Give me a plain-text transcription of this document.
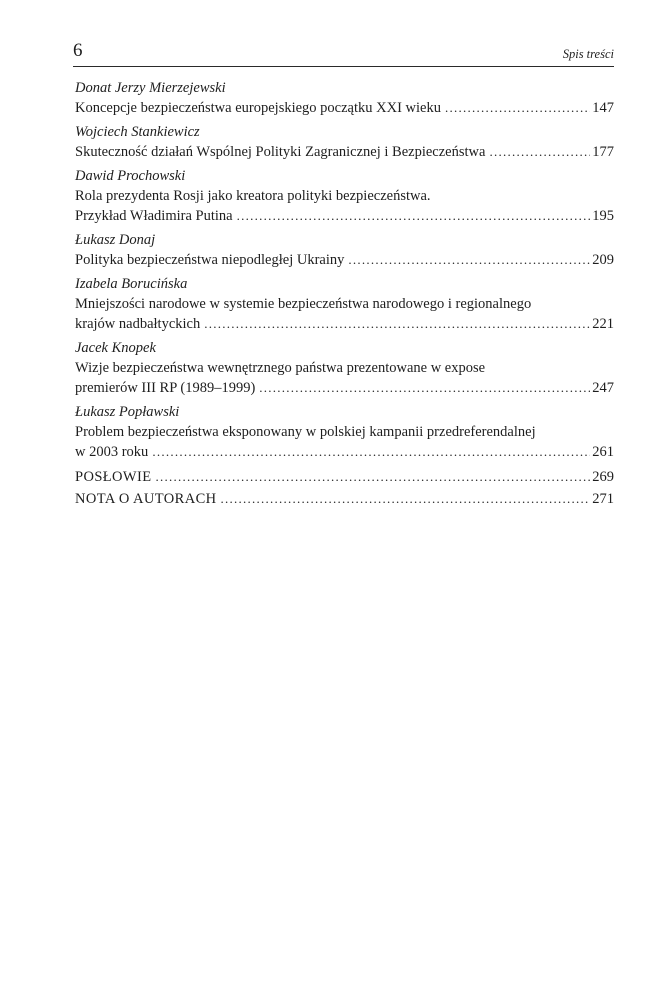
6	Spis treści
Donat Jerzy Mierzejewski
Koncepcje bezpieczeństwa europejskiego początku XXI wieku . . .	147
Wojciech Stankiewicz
Skuteczność działań Wspólnej Polityki Zagranicznej i Bezpieczeństwa . . .	177
Dawid Prochowski
Rola prezydenta Rosji jako kreatora polityki bezpieczeństwa.
Przykład Władimira Putina . . .	195
Łukasz Donaj
Polityka bezpieczeństwa niepodległej Ukrainy . . .	209
Izabela Borucińska
Mniejszości narodowe w systemie bezpieczeństwa narodowego i regionalnego
krajów nadbałtyckich . . .	221
Jacek Knopek
Wizje bezpieczeństwa wewnętrznego państwa prezentowane w expose
premierów III RP (1989–1999) . . .	247
Łukasz Popławski
Problem bezpieczeństwa eksponowany w polskiej kampanii przedreferendalnej
w 2003 roku . . .	261
POSŁOWIE . . .	269
NOTA O AUTORACH . . .	271
